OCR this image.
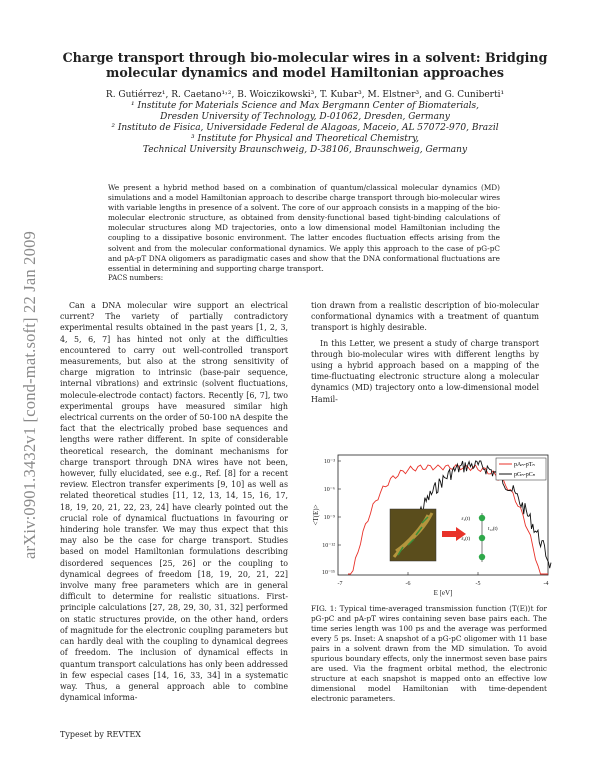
arXiv:0901.3432v1 [cond-mat.soft] 22 Jan 2009
Charge transport through bio-molecular wires in a solvent: Bridging molecular dynamics and model Hamiltonian approaches
R. Gutiérrez¹, R. Caetano¹˒², B. Woiczikowski³, T. Kubar³, M. Elstner³, and G. Cuniberti¹
¹ Institute for Materials Science and Max Bergmann Center of Biomaterials,
Dresden University of Technology, D-01062, Dresden, Germany
² Instituto de Fisica, Universidade Federal de Alagoas, Maceio, AL 57072-970, Brazil
³ Institute for Physical and Theoretical Chemistry,
Technical University Braunschweig, D-38106, Braunschweig, Germany
We present a hybrid method based on a combination of quantum/classical molecular dynamics (MD) simulations and a model Hamiltonian approach to describe charge transport through bio-molecular wires with variable lengths in presence of a solvent. The core of our approach consists in a mapping of the bio-molecular electronic structure, as obtained from density-functional based tight-binding calculations of molecular structures along MD trajectories, onto a low dimensional model Hamiltonian including the coupling to a dissipative bosonic environment. The latter encodes fluctuation effects arising from the solvent and from the molecular conformational dynamics. We apply this approach to the case of pG-pC and pA-pT DNA oligomers as paradigmatic cases and show that the DNA conformational fluctuations are essential in determining and supporting charge transport.
PACS numbers:

Can a DNA molecular wire support an electrical current? The variety of partially contradictory experimental results obtained in the past years [1, 2, 3, 4, 5, 6, 7] has hinted not only at the difficulties encountered to carry out well-controlled transport measurements, but also at the strong sensitivity of charge migration to intrinsic (base-pair sequence, internal vibrations) and extrinsic (solvent fluctuations, molecule-electrode contact) factors. Recently [6, 7], two experimental groups have measured similar high electrical currents on the order of 50-100 nA despite the fact that the electrically probed base sequences and lengths were rather different. In spite of considerable theoretical research, the dominant mechanisms for charge transport through DNA wires have not been, however, fully elucidated, see e.g., Ref. [8] for a recent review. Electron transfer experiments [9, 10] as well as related theoretical studies [11, 12, 13, 14, 15, 16, 17, 18, 19, 20, 21, 22, 23, 24] have clearly pointed out the crucial role of dynamical fluctuations in favouring or hindering hole transfer. We may thus expect that this may also be the case for charge transport. Studies based on model Hamiltonian formulations describing disordered sequences [25, 26] or the coupling to dynamical degrees of freedom [18, 19, 20, 21, 22] involve many free parameters which are in general difficult to determine for realistic situations. First-principle calculations [27, 28, 29, 30, 31, 32] performed on static structures provide, on the other hand, orders of magnitude for the electronic coupling parameters but can hardly deal with the coupling to dynamical degrees of freedom. The inclusion of dynamical effects in quantum transport calculations has only been addressed in few especial cases [14, 16, 33, 34] in a systematic way. Thus, a general approach able to combine dynamical informa-

tion drawn from a realistic description of bio-molecular conformational dynamics with a treatment of quantum transport is highly desirable.

In this Letter, we present a study of charge transport through bio-molecular wires with different lengths by using a hybrid approach based on a mapping of the time-fluctuating electronic structure along a molecular dynamics (MD) trajectory onto a low-dimensional model Hamil-

10⁻³
10⁻⁶
10⁻⁹
10⁻¹²
10⁻¹⁵
-7	-6	-5	-4
E [eV]
<T(E)>
pAₙ-pTₙ
pGₙ-pCₙ
ε₁(t)
t₁₂(t)
ε₂(t)
FIG. 1: Typical time-averaged transmission function ⟨T(E)⟩t for pG-pC and pA-pT wires containing seven base pairs each. The time series length was 100 ps and the average was performed every 5 ps. Inset: A snapshot of a pG-pC oligomer with 11 base pairs in a solvent drawn from the MD simulation. To avoid spurious boundary effects, only the innermost seven base pairs are used. Via the fragment orbital method, the electronic structure at each snapshot is mapped onto an effective low dimensional model Hamiltonian with time-dependent electronic parameters.
Typeset by REVTEX
